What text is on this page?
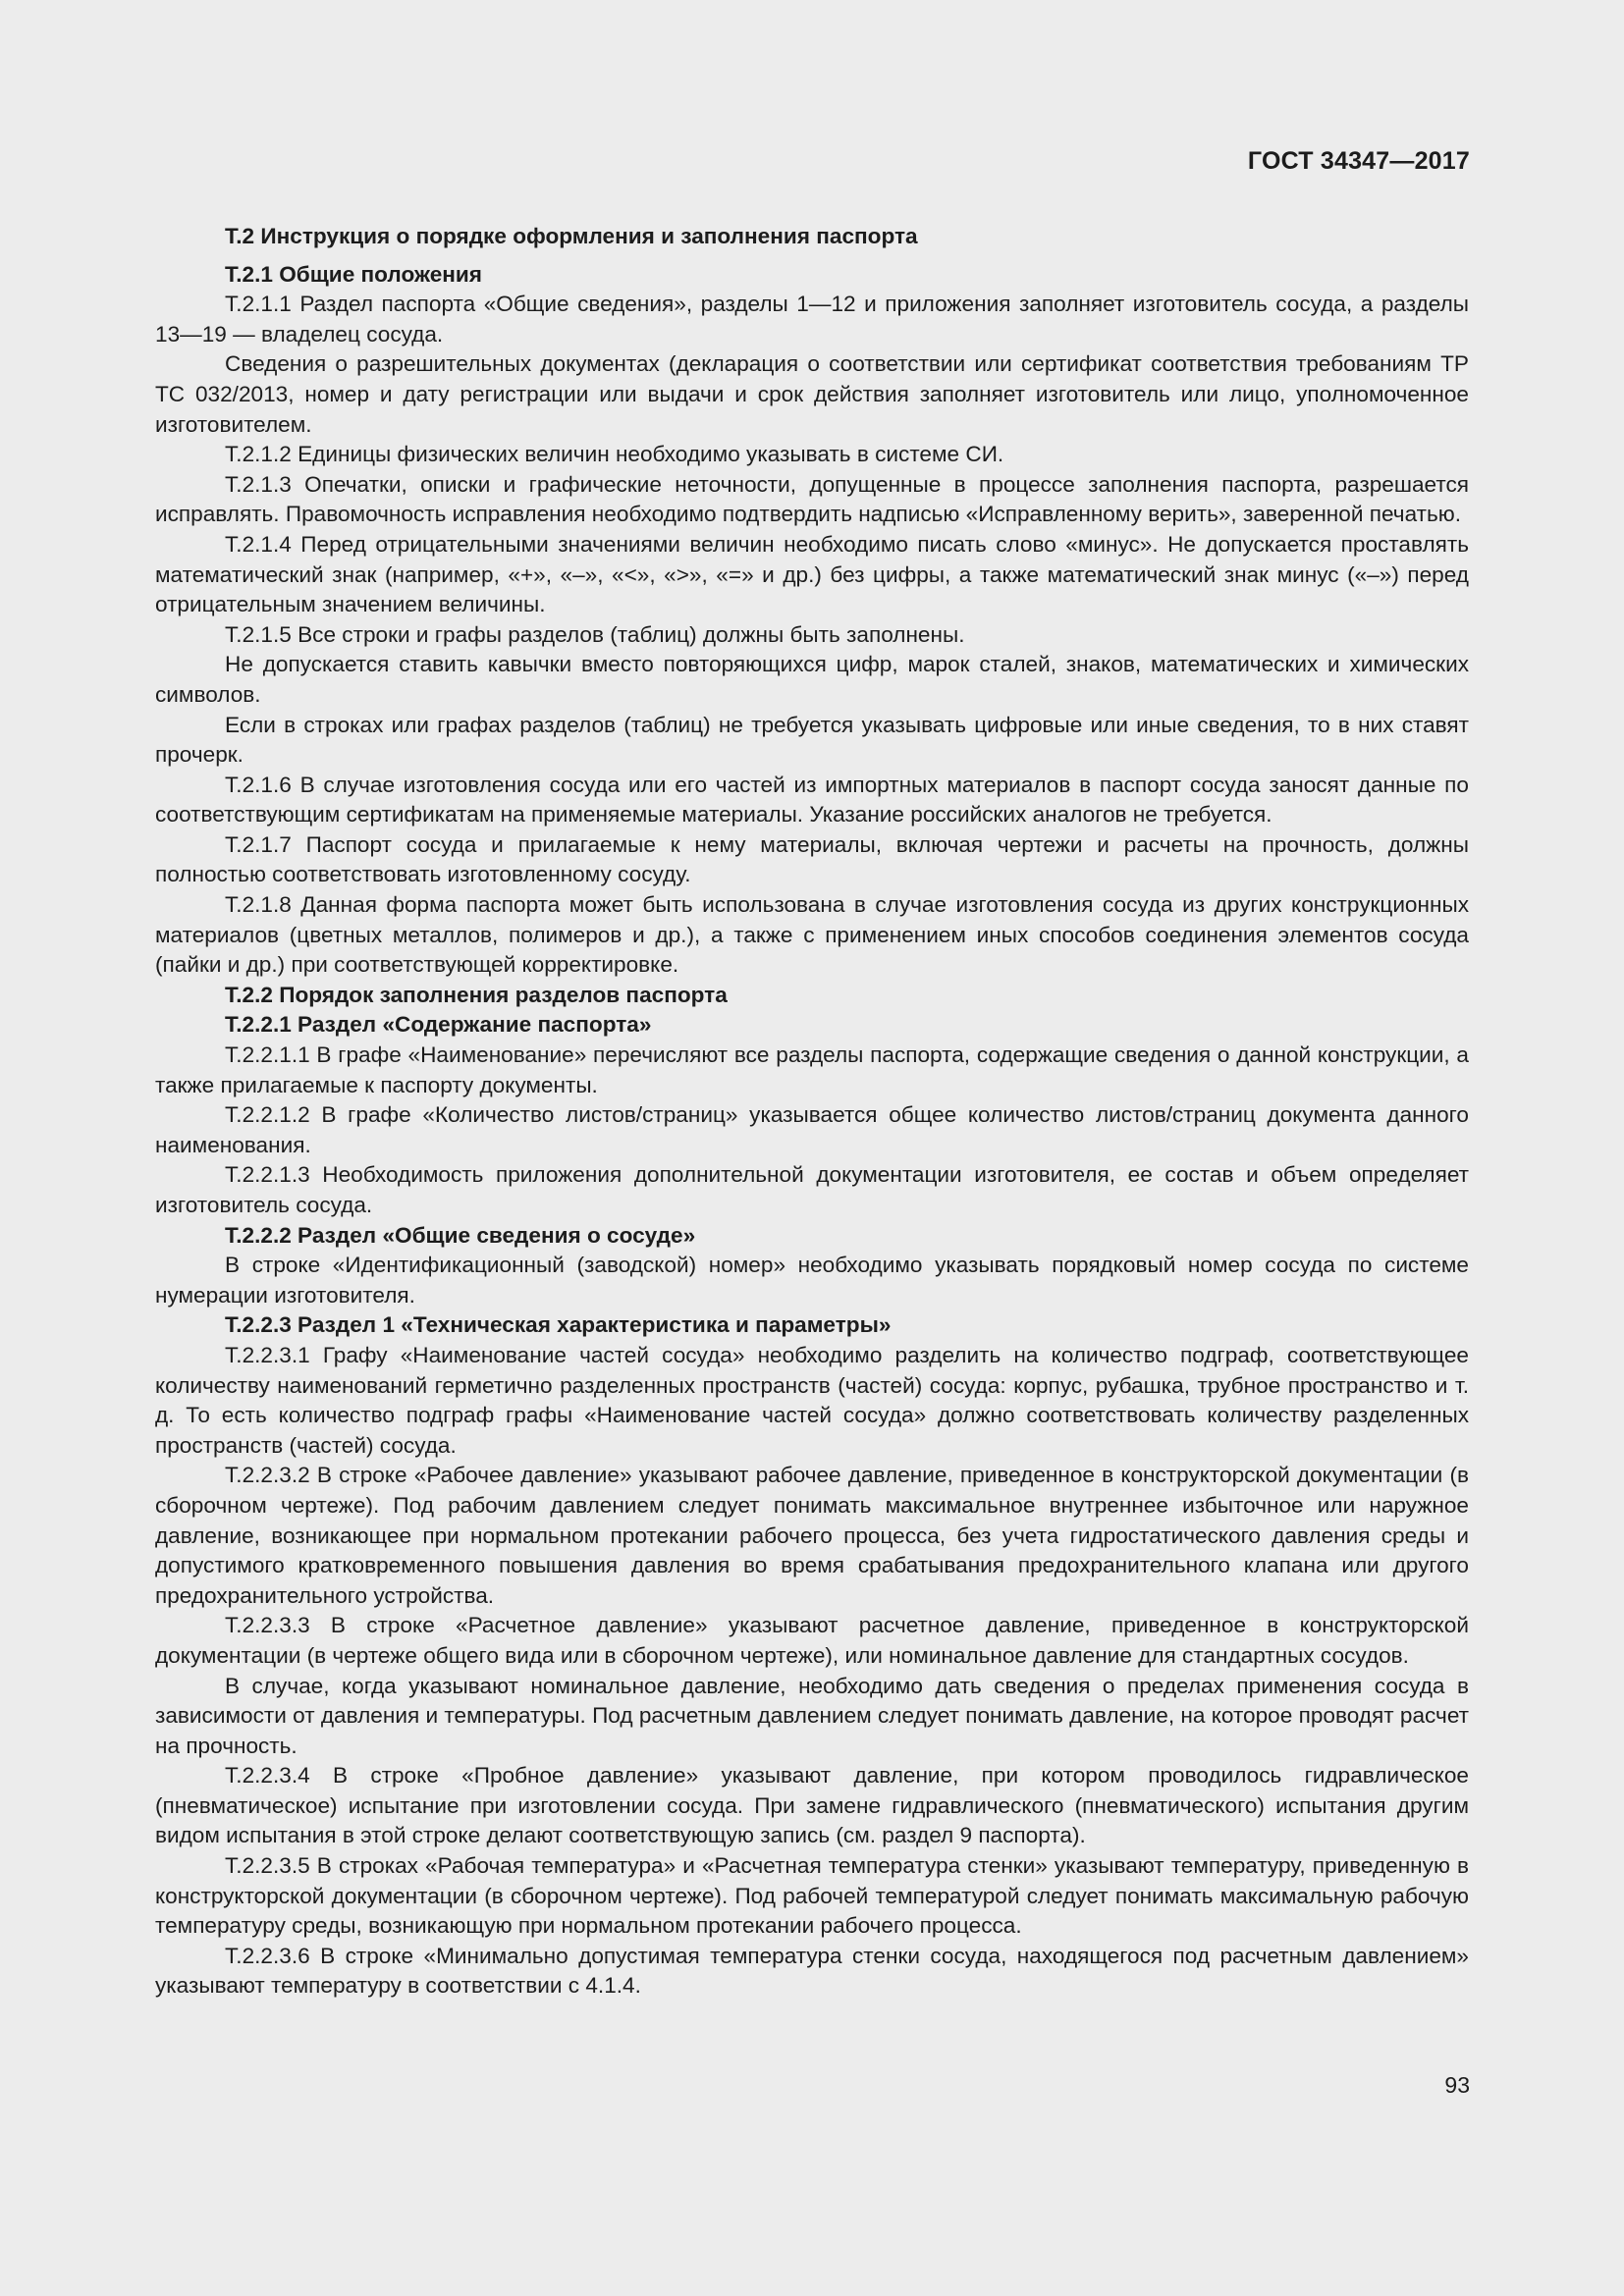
ГОСТ 34347—2017

Т.2 Инструкция о порядке оформления и заполнения паспорта

Т.2.1 Общие положения

Т.2.1.1 Раздел паспорта «Общие сведения», разделы 1—12 и приложения заполняет изготовитель сосуда, а разделы 13—19 — владелец сосуда.

Сведения о разрешительных документах (декларация о соответствии или сертификат соответствия требованиям ТР ТС 032/2013, номер и дату регистрации или выдачи и срок действия заполняет изготовитель или лицо, уполномоченное изготовителем.

Т.2.1.2 Единицы физических величин необходимо указывать в системе СИ.

Т.2.1.3 Опечатки, описки и графические неточности, допущенные в процессе заполнения паспорта, разрешается исправлять. Правомочность исправления необходимо подтвердить надписью «Исправленному верить», заверенной печатью.

Т.2.1.4 Перед отрицательными значениями величин необходимо писать слово «минус». Не допускается проставлять математический знак (например, «+», «–», «<», «>», «=» и др.) без цифры, а также математический знак минус («–») перед отрицательным значением величины.

Т.2.1.5 Все строки и графы разделов (таблиц) должны быть заполнены.

Не допускается ставить кавычки вместо повторяющихся цифр, марок сталей, знаков, математических и химических символов.

Если в строках или графах разделов (таблиц) не требуется указывать цифровые или иные сведения, то в них ставят прочерк.

Т.2.1.6 В случае изготовления сосуда или его частей из импортных материалов в паспорт сосуда заносят данные по соответствующим сертификатам на применяемые материалы. Указание российских аналогов не требуется.

Т.2.1.7 Паспорт сосуда и прилагаемые к нему материалы, включая чертежи и расчеты на прочность, должны полностью соответствовать изготовленному сосуду.

Т.2.1.8 Данная форма паспорта может быть использована в случае изготовления сосуда из других конструкционных материалов (цветных металлов, полимеров и др.), а также с применением иных способов соединения элементов сосуда (пайки и др.) при соответствующей корректировке.

Т.2.2 Порядок заполнения разделов паспорта

Т.2.2.1 Раздел «Содержание паспорта»

Т.2.2.1.1 В графе «Наименование» перечисляют все разделы паспорта, содержащие сведения о данной конструкции, а также прилагаемые к паспорту документы.

Т.2.2.1.2 В графе «Количество листов/страниц» указывается общее количество листов/страниц документа данного наименования.

Т.2.2.1.3 Необходимость приложения дополнительной документации изготовителя, ее состав и объем определяет изготовитель сосуда.

Т.2.2.2 Раздел «Общие сведения о сосуде»

В строке «Идентификационный (заводской) номер» необходимо указывать порядковый номер сосуда по системе нумерации изготовителя.

Т.2.2.3 Раздел 1 «Техническая характеристика и параметры»

Т.2.2.3.1 Графу «Наименование частей сосуда» необходимо разделить на количество подграф, соответствующее количеству наименований герметично разделенных пространств (частей) сосуда: корпус, рубашка, трубное пространство и т. д. То есть количество подграф графы «Наименование частей сосуда» должно соответствовать количеству разделенных пространств (частей) сосуда.

Т.2.2.3.2 В строке «Рабочее давление» указывают рабочее давление, приведенное в конструкторской документации (в сборочном чертеже). Под рабочим давлением следует понимать максимальное внутреннее избыточное или наружное давление, возникающее при нормальном протекании рабочего процесса, без учета гидростатического давления среды и допустимого кратковременного повышения давления во время срабатывания предохранительного клапана или другого предохранительного устройства.

Т.2.2.3.3 В строке «Расчетное давление» указывают расчетное давление, приведенное в конструкторской документации (в чертеже общего вида или в сборочном чертеже), или номинальное давление для стандартных сосудов.

В случае, когда указывают номинальное давление, необходимо дать сведения о пределах применения сосуда в зависимости от давления и температуры. Под расчетным давлением следует понимать давление, на которое проводят расчет на прочность.

Т.2.2.3.4 В строке «Пробное давление» указывают давление, при котором проводилось гидравлическое (пневматическое) испытание при изготовлении сосуда. При замене гидравлического (пневматического) испытания другим видом испытания в этой строке делают соответствующую запись (см. раздел 9 паспорта).

Т.2.2.3.5 В строках «Рабочая температура» и «Расчетная температура стенки» указывают температуру, приведенную в конструкторской документации (в сборочном чертеже). Под рабочей температурой следует понимать максимальную рабочую температуру среды, возникающую при нормальном протекании рабочего процесса.

Т.2.2.3.6 В строке «Минимально допустимая температура стенки сосуда, находящегося под расчетным давлением» указывают температуру в соответствии с 4.1.4.

93
